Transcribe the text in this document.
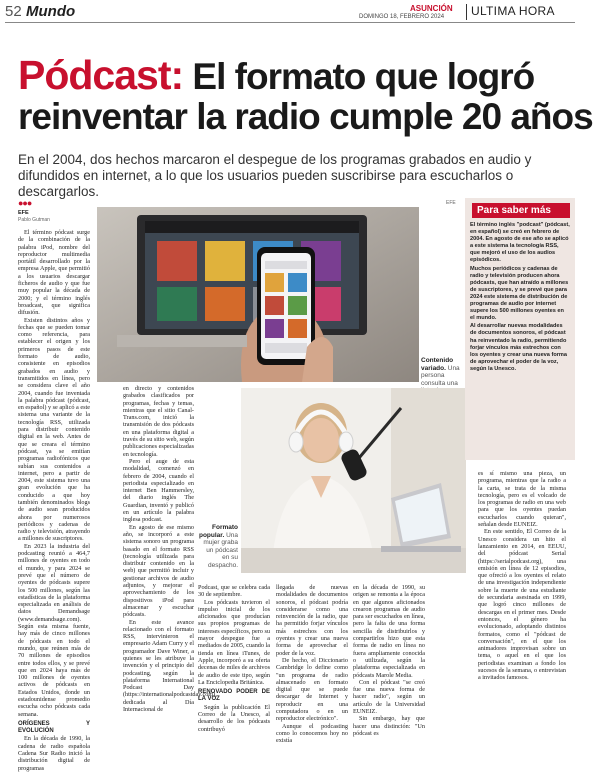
52 Mundo	ASUNCIÓN
DOMINGO 18, FEBRERO 2024 ULTIMA HORA
Pódcast: El formato que logró
reinventar la radio cumple 20 años
En el 2004, dos hechos marcaron el despegue de los programas grabados en audio y difundidos en internet, a lo que los usuarios pueden suscribirse para escucharlos o descargarlos.
●●●
EFE
Pablo Gutman
EFE

El término pódcast surge de la combinación de la palabra iPod, nombre del reproductor multimedia portátil desarrollado por la empresa Apple, que permitió a los usuarios descargar ficheros de audio y que fue muy popular la década de 2000; y el término inglés broadcast, que significa difusión.

Existen distintos años y fechas que se pueden tomar como referencia, para establecer el origen y los primeros pasos de este formato de audio, consistente en episodios grabados en audio y transmitidos en línea, pero se considera clave el año 2004, cuando fue inventada la palabra pódcast (pódcast, en español) y se aplicó a este sistema una variante de la tecnología RSS, utilizada para distribuir contenido digital en la web. Antes de que se creara el término pódcast, ya se emitían programas radiofónicos que subían sus contenidos a internet, pero a partir de 2004, este sistema tuvo una gran evolución que ha conducido a que hoy también denominados blogs de audio sean producidos ahora por numerosos periódicos y cadenas de radio y televisión, atrayendo a millones de suscriptores.

En 2023 la industria del podcasting reunió a 464,7 millones de oyentes en todo el mundo, y para 2024 se prevé que el número de oyentes de pódcasts supere los 500 millones, según las estadísticas de la plataforma especializada en análisis de datos Demandsage (www.demandsage.com). Según esta misma fuente, hay más de cinco millones de pódcasts en todo el mundo, que reúnen más de 70 millones de episodios entre todos ellos, y se prevé que en 2024 haya más de 100 millones de oyentes activos de pódcasts en Estados Unidos, donde un estadounidense promedio escucha ocho pódcasts cada semana.

ORÍGENES Y EVOLUCIÓN

En la década de 1990, la cadena de radio española Cadena Sur Radio inició la distribución digital de programas

Contenido variado. Una persona consulta una
Formato popular. Una mujer graba un pódcast en su despacho.

en directo y contenidos grabados clasificados por programas, fechas y temas, mientras que el sitio Canal-Trans.com, inició la transmisión de dos pódcasts en una plataforma digital a través de su sitio web, según publicaciones especializadas en tecnología.

Pero el auge de esta modalidad, comenzó en febrero de 2004, cuando el periodista especializado en internet Ben Hammersley, del diario inglés The Guardian, inventó y publicó en un artículo la palabra inglesa podcast.

En agosto de ese mismo año, se incorporó a este sistema sonoro un programa basado en el formato RSS (tecnología utilizada para distribuir contenido en la web) que permitió incluir y gestionar archivos de audio adjuntos, y mejorar el aprovechamiento de los dispositivos iPod para almacenar y escuchar pódcasts.

En este avance relacionado con el formato RSS, intervinieron el empresario Adam Curry y el programador Dave Winer, a quienes se les atribuye la invención y el principio del podcasting, según la plataforma International Podcast Day (https://internationalpodcastday.com), dedicada al Día Internacional de

Podcast, que se celebra cada 30 de septiembre.

Los pódcasts tuvieron el impulso inicial de los aficionados que producían sus propios programas de intereses específicos, pero su mayor despegue fue a mediados de 2005, cuando la tienda en línea iTunes, de Apple, incorporó a su oferta decenas de miles de archivos de audio de este tipo, según La Enciclopedia Británica.

RENOVADO PODER DE LA VOZ

Según la publicación El Correo de la Unesco, al desarrollo de los pódcasts contribuyó

llegada de nuevas modalidades de documentos sonoros, el pódcast podría considerarse como una reinvención de la radio, que ha permitido forjar vínculos más estrechos con los oyentes y crear una nueva forma de aprovechar el poder de la voz.

De hecho, el Diccionario Cambridge lo define como "un programa de radio almacenado en formato digital que se puede descargar de Internet y reproducir en una computadora o en un reproductor electrónico".

Aunque el podcasting como lo conocemos hoy no existía

en la década de 1990, su origen se remonta a la época en que algunos aficionados crearon programas de audio para ser escuchados en línea, pero la falta de una forma sencilla de distribuirlos y compartirlos hizo que esta forma de radio en línea no fuera ampliamente conocida o utilizada, según la plataforma especializada en pódcasts Marole Media.

Con el pódcast "se creó fue una nueva forma de hacer radio", según un artículo de la Universidad EUNEIZ.

Sin embargo, hay que hacer una distinción: "Un pódcast es

es sí mismo una pieza, un programa, mientras que la radio a la carta, se trata de la misma tecnología, pero es el volcado de los programas de radio en una web para que los oyentes puedan escucharlos cuando quieran", señalan desde EUNEIZ.

En este sentido, El Correo de la Unesco considera un hito el lanzamiento en 2014, en EEUU, del pódcast Serial (https://serialpodcast.org), una emisión en línea de 12 episodios, que ofreció a los oyentes el relato de una investigación independiente sobre la muerte de una estudiante de secundaria asesinada en 1999, que logró cinco millones de descargas en el primer mes. Desde entonces, el género ha evolucionado, adoptando distintos formatos, como el "pódcast de conversación", en el que los animadores improvisan sobre un tema, o aquel en el que los periodistas examinan a fondo los sucesos de la semana, o entrevistan a invitados famosos.

Para saber más

El término inglés "podcast" (pódcast, en español) se creó en febrero de 2004. En agosto de ese año se aplicó a este sistema la tecnología RSS, que mejoró el uso de los audios episódicos.

Muchos periódicos y cadenas de radio y televisión producen ahora pódcasts, que han atraído a millones de suscriptores, y se prevé que para 2024 este sistema de distribución de programas de audio por internet supere los 500 millones oyentes en el mundo.

Al desarrollar nuevas modalidades de documentos sonoros, el pódcast ha reinventado la radio, permitiendo forjar vínculos más estrechos con los oyentes y crear una nueva forma de aprovechar el poder de la voz, según la Unesco.
